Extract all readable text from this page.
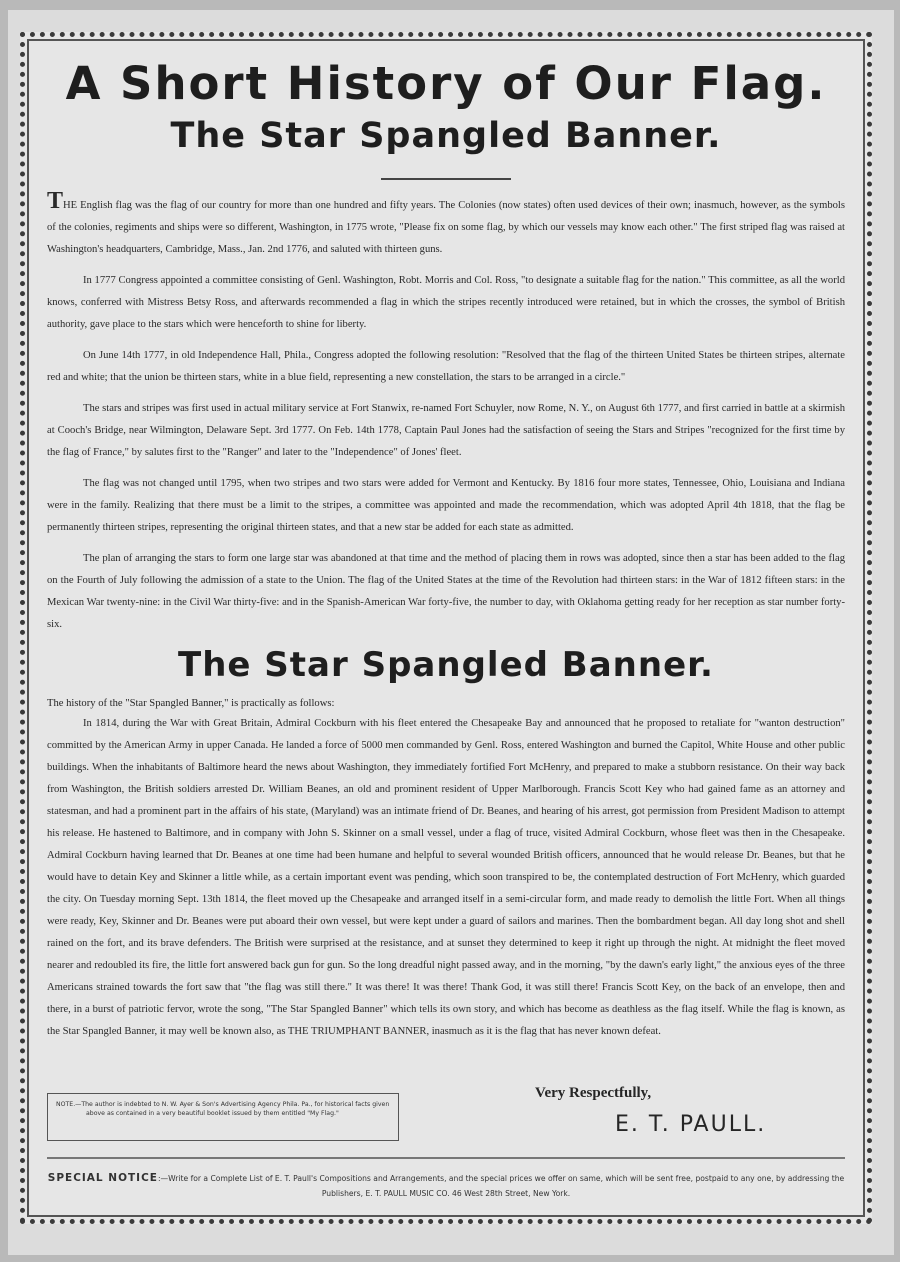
A Short History of Our Flag.
The Star Spangled Banner.

THE English flag was the flag of our country for more than one hundred and fifty years. The Colonies (now states) often used devices of their own; inasmuch, however, as the symbols of the colonies, regiments and ships were so different, Washington, in 1775 wrote, "Please fix on some flag, by which our vessels may know each other." The first striped flag was raised at Washington's headquarters, Cambridge, Mass., Jan. 2nd 1776, and saluted with thirteen guns.

In 1777 Congress appointed a committee consisting of Genl. Washington, Robt. Morris and Col. Ross, "to designate a suitable flag for the nation." This committee, as all the world knows, conferred with Mistress Betsy Ross, and afterwards recommended a flag in which the stripes recently introduced were retained, but in which the crosses, the symbol of British authority, gave place to the stars which were henceforth to shine for liberty.

On June 14th 1777, in old Independence Hall, Phila., Congress adopted the following resolution: "Resolved that the flag of the thirteen United States be thirteen stripes, alternate red and white; that the union be thirteen stars, white in a blue field, representing a new constellation, the stars to be arranged in a circle."

The stars and stripes was first used in actual military service at Fort Stanwix, re-named Fort Schuyler, now Rome, N. Y., on August 6th 1777, and first carried in battle at a skirmish at Cooch's Bridge, near Wilmington, Delaware Sept. 3rd 1777. On Feb. 14th 1778, Captain Paul Jones had the satisfaction of seeing the Stars and Stripes "recognized for the first time by the flag of France," by salutes first to the "Ranger" and later to the "Independence" of Jones' fleet.

The flag was not changed until 1795, when two stripes and two stars were added for Vermont and Kentucky. By 1816 four more states, Tennessee, Ohio, Louisiana and Indiana were in the family. Realizing that there must be a limit to the stripes, a committee was appointed and made the recommendation, which was adopted April 4th 1818, that the flag be permanently thirteen stripes, representing the original thirteen states, and that a new star be added for each state as admitted.

The plan of arranging the stars to form one large star was abandoned at that time and the method of placing them in rows was adopted, since then a star has been added to the flag on the Fourth of July following the admission of a state to the Union. The flag of the United States at the time of the Revolution had thirteen stars: in the War of 1812 fifteen stars: in the Mexican War twenty-nine: in the Civil War thirty-five: and in the Spanish-American War forty-five, the number to day, with Oklahoma getting ready for her reception as star number forty-six.

The Star Spangled Banner.

The history of the "Star Spangled Banner," is practically as follows:

In 1814, during the War with Great Britain, Admiral Cockburn with his fleet entered the Chesapeake Bay and announced that he proposed to retaliate for "wanton destruction" committed by the American Army in upper Canada. He landed a force of 5000 men commanded by Genl. Ross, entered Washington and burned the Capitol, White House and other public buildings. When the inhabitants of Baltimore heard the news about Washington, they immediately fortified Fort McHenry, and prepared to make a stubborn resistance. On their way back from Washington, the British soldiers arrested Dr. William Beanes, an old and prominent resident of Upper Marlborough. Francis Scott Key who had gained fame as an attorney and statesman, and had a prominent part in the affairs of his state, (Maryland) was an intimate friend of Dr. Beanes, and hearing of his arrest, got permission from President Madison to attempt his release. He hastened to Baltimore, and in company with John S. Skinner on a small vessel, under a flag of truce, visited Admiral Cockburn, whose fleet was then in the Chesapeake. Admiral Cockburn having learned that Dr. Beanes at one time had been humane and helpful to several wounded British officers, announced that he would release Dr. Beanes, but that he would have to detain Key and Skinner a little while, as a certain important event was pending, which soon transpired to be, the contemplated destruction of Fort McHenry, which guarded the city. On Tuesday morning Sept. 13th 1814, the fleet moved up the Chesapeake and arranged itself in a semi-circular form, and made ready to demolish the little Fort. When all things were ready, Key, Skinner and Dr. Beanes were put aboard their own vessel, but were kept under a guard of sailors and marines. Then the bombardment began. All day long shot and shell rained on the fort, and its brave defenders. The British were surprised at the resistance, and at sunset they determined to keep it right up through the night. At midnight the fleet moved nearer and redoubled its fire, the little fort answered back gun for gun. So the long dreadful night passed away, and in the morning, "by the dawn's early light," the anxious eyes of the three Americans strained towards the fort saw that "the flag was still there." It was there! It was there! Thank God, it was still there! Francis Scott Key, on the back of an envelope, then and there, in a burst of patriotic fervor, wrote the song, "The Star Spangled Banner" which tells its own story, and which has become as deathless as the flag itself. While the flag is known, as the Star Spangled Banner, it may well be known also, as THE TRIUMPHANT BANNER, inasmuch as it is the flag that has never known defeat.

NOTE.—The author is indebted to N. W. Ayer & Son's Advertising Agency Phila. Pa., for historical facts given above as contained in a very beautiful booklet issued by them entitled "My Flag."
Very Respectfully,
E. T. PAULL.
SPECIAL NOTICE:—Write for a Complete List of E. T. Paull's Compositions and Arrangements, and the special prices we offer on same, which will be sent free, postpaid to any one, by addressing the Publishers, E. T. PAULL MUSIC CO. 46 West 28th Street, New York.
